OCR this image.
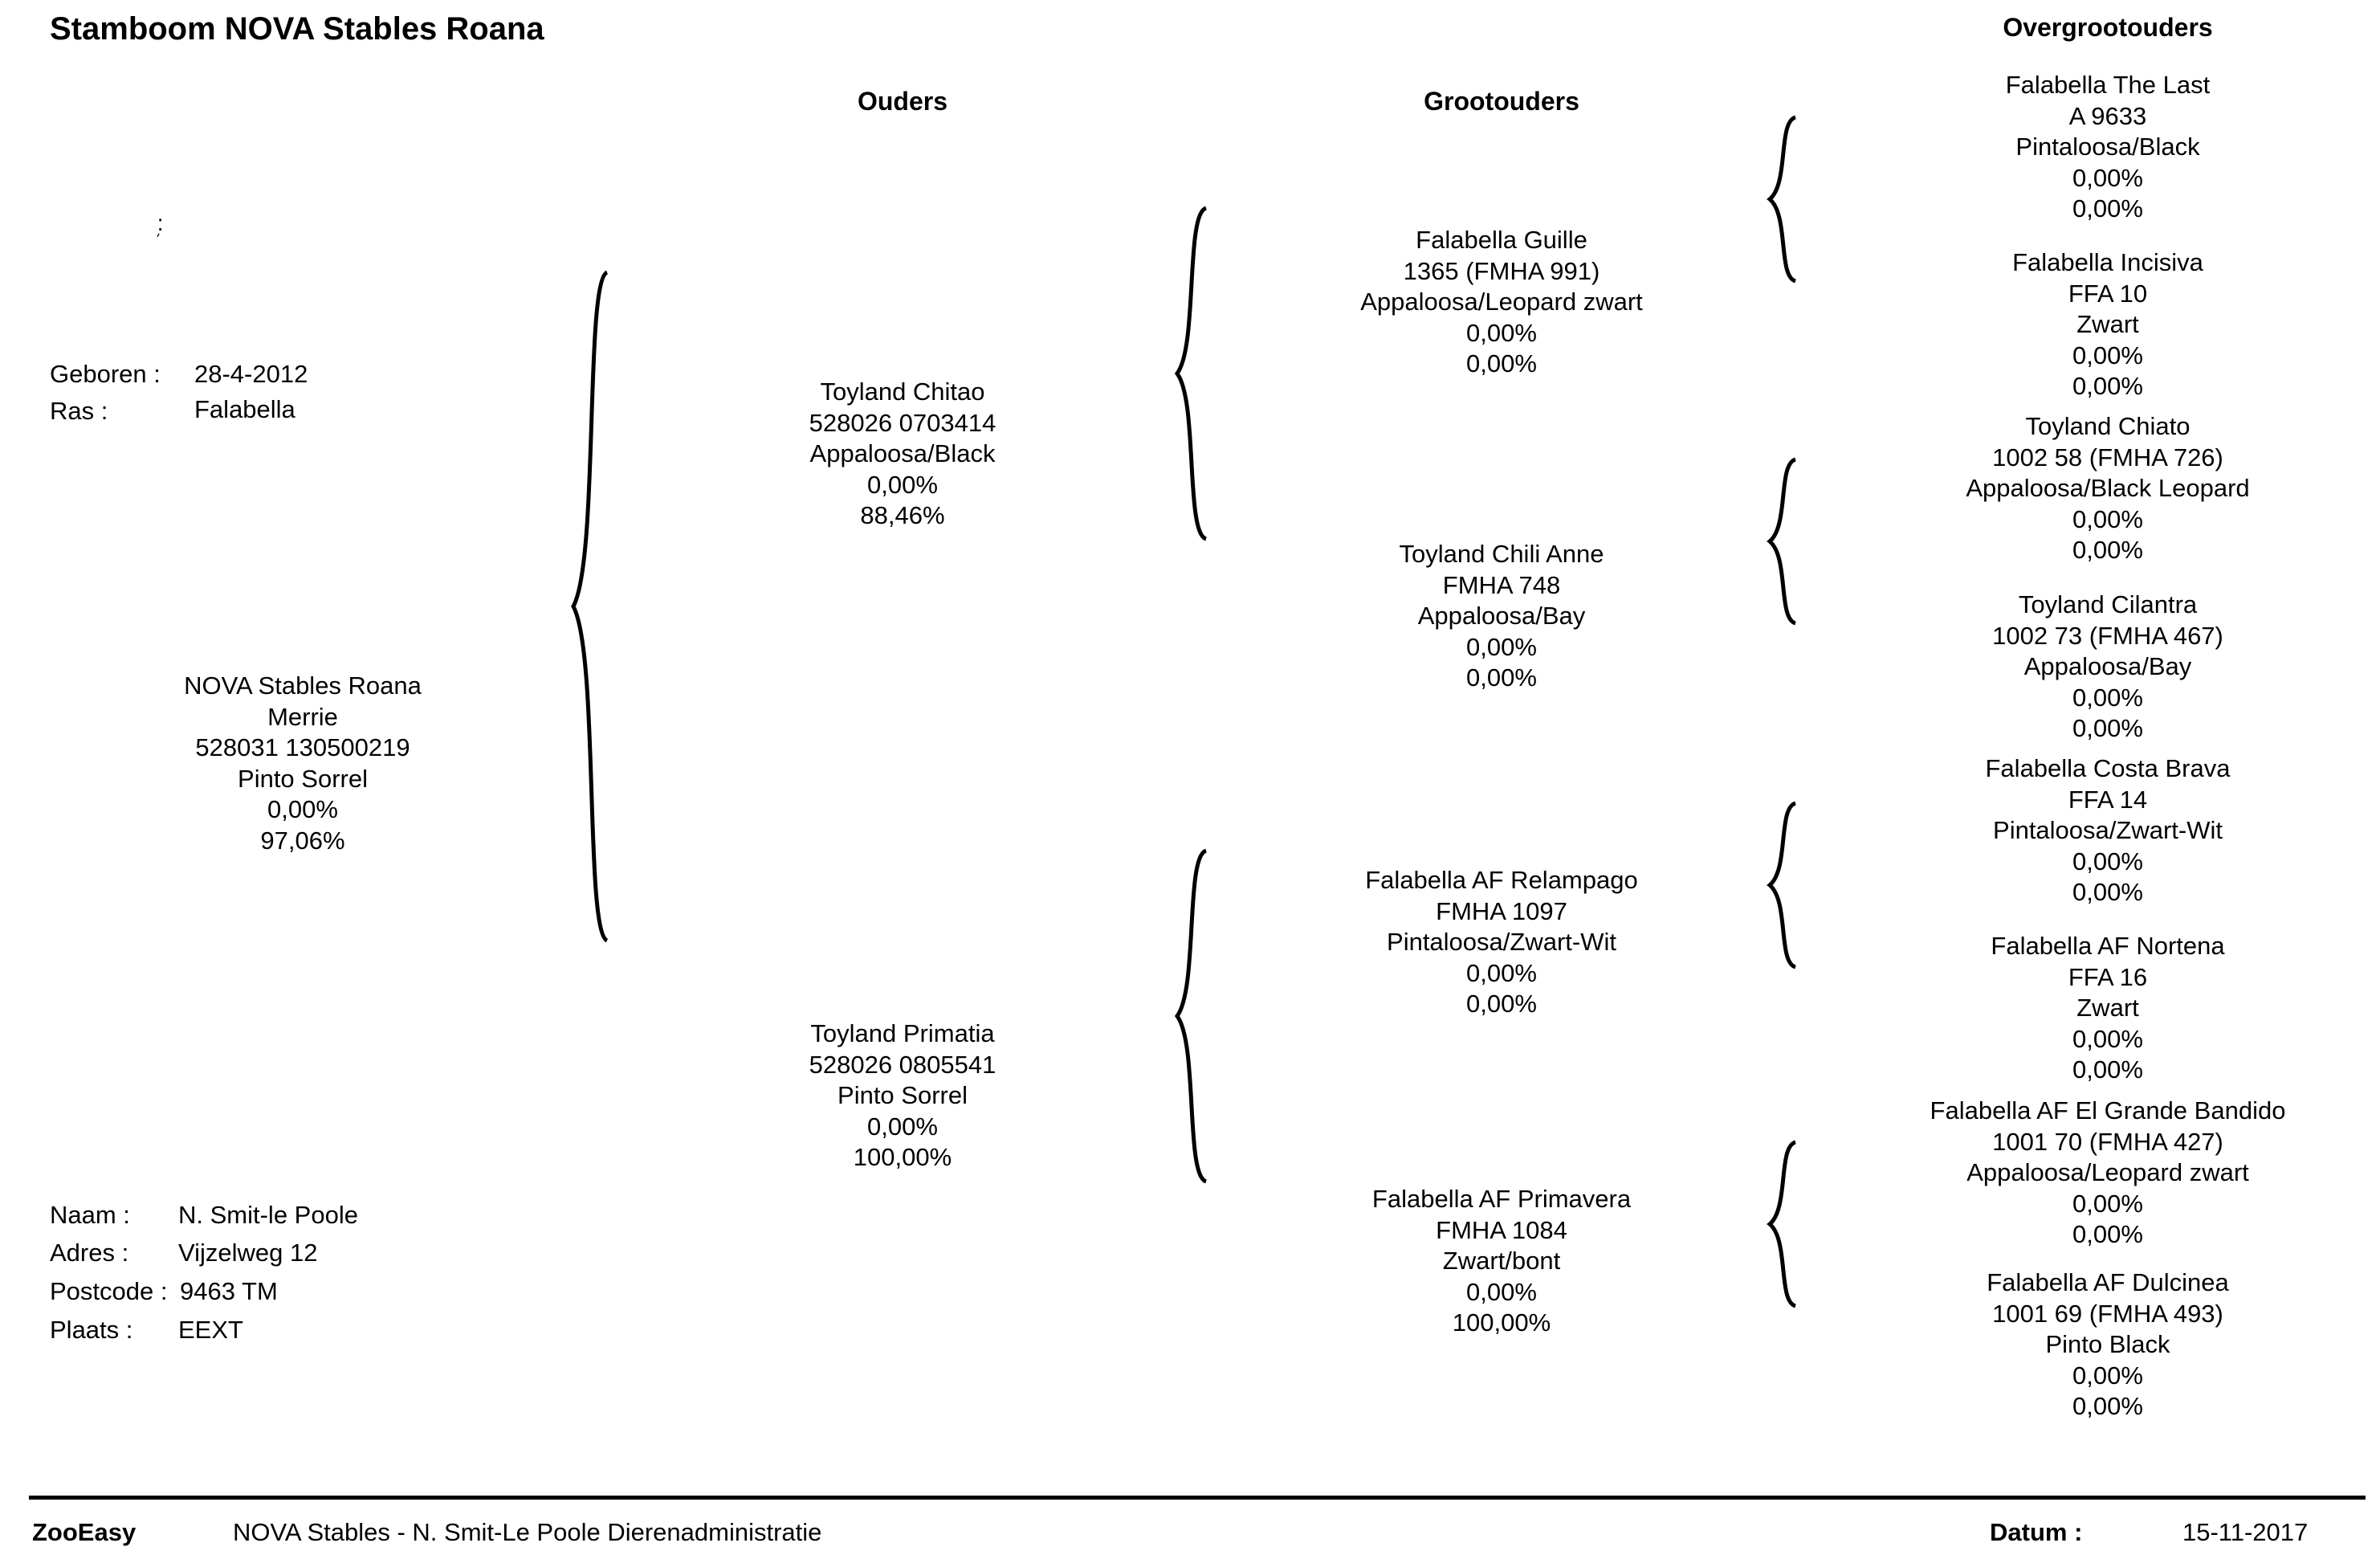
Stamboom NOVA Stables Roana
Ouders	Grootouders
Overgrootouders
ܼ :
Geboren : 28-4-2012
Ras :	Falabella
NOVA Stables Roana
Merrie
528031 130500219
Pinto Sorrel
0,00%
97,06%
Toyland Chitao
528026 0703414
Appaloosa/Black
0,00%
88,46%
Toyland Primatia
528026 0805541
Pinto Sorrel
0,00%
100,00%
Falabella Guille
1365 (FMHA 991)
Appaloosa/Leopard zwart
0,00%
0,00%
Toyland Chili Anne
FMHA 748
Appaloosa/Bay
0,00%
0,00%
Falabella AF Relampago
FMHA 1097
Pintaloosa/Zwart-Wit
0,00%
0,00%
Falabella AF Primavera
FMHA 1084
Zwart/bont
0,00%
100,00%
Falabella The Last
A 9633
Pintaloosa/Black
0,00%
0,00%
Falabella Incisiva
FFA 10
Zwart
0,00%
0,00%
Toyland Chiato
1002 58 (FMHA 726)
Appaloosa/Black Leopard
0,00%
0,00%
Toyland Cilantra
1002 73 (FMHA 467)
Appaloosa/Bay
0,00%
0,00%
Falabella Costa Brava
FFA 14
Pintaloosa/Zwart-Wit
0,00%
0,00%
Falabella AF Nortena
FFA 16
Zwart
0,00%
0,00%
Falabella AF El Grande Bandido
1001 70 (FMHA 427)
Appaloosa/Leopard zwart
0,00%
0,00%
Falabella AF Dulcinea
1001 69 (FMHA 493)
Pinto Black
0,00%
0,00%
Naam : N. Smit-le Poole
Adres : Vijzelweg 12
Postcode : 9463 TM
Plaats : EEXT
ZooEasy	NOVA Stables - N. Smit-Le Poole Dierenadministratie	Datum :	15-11-2017
